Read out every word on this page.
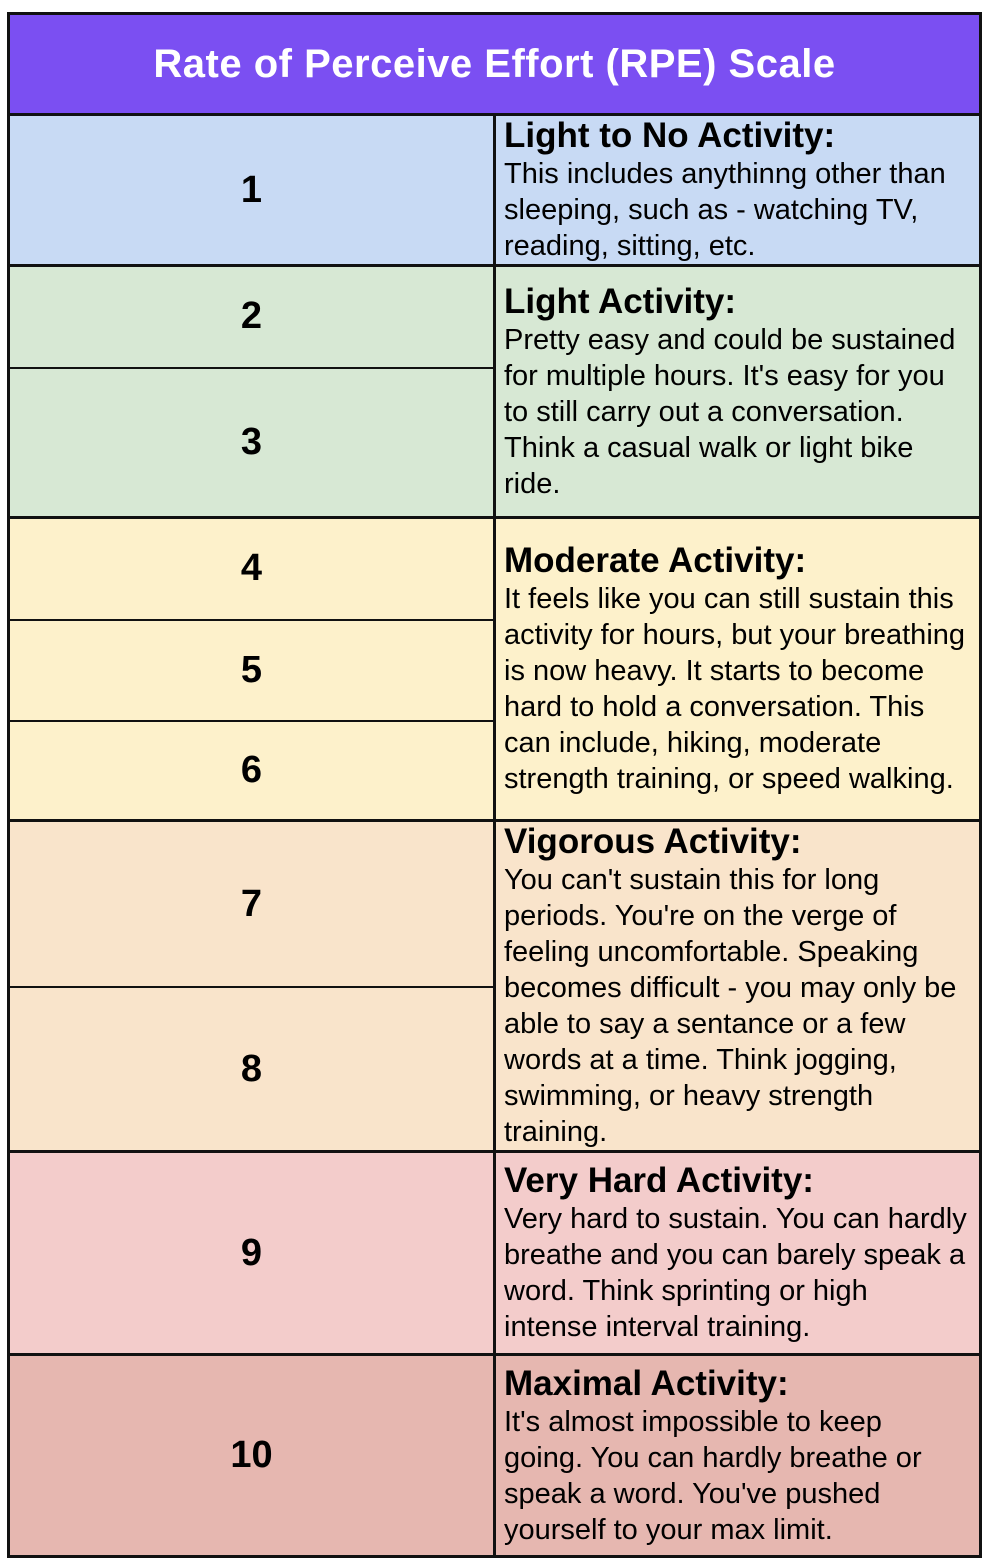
Rate of Perceive Effort (RPE) Scale	
1	Light to No Activity:
This includes anythinng other than sleeping, such as - watching TV, reading, sitting, etc.

2	Light Activity:
Pretty easy and could be sustained for multiple hours. It's easy for you to still carry out a conversation. Think a casual walk or light bike ride.

3	
4	Moderate Activity:
It feels like you can still sustain this activity for hours, but your breathing is now heavy. It starts to become hard to hold a conversation. This can include, hiking, moderate strength training, or speed walking.

5	
6	
7	Vigorous Activity:
You can't sustain this for long periods. You're on the verge of feeling uncomfortable. Speaking becomes difficult - you may only be able to say a sentance or a few words at a time. Think jogging, swimming, or heavy strength training.

8	
9	Very Hard Activity:
Very hard to sustain. You can hardly breathe and you can barely speak a word. Think sprinting or high intense interval training.

10	Maximal Activity:
It's almost impossible to keep going. You can hardly breathe or speak a word. You've pushed yourself to your max limit.
